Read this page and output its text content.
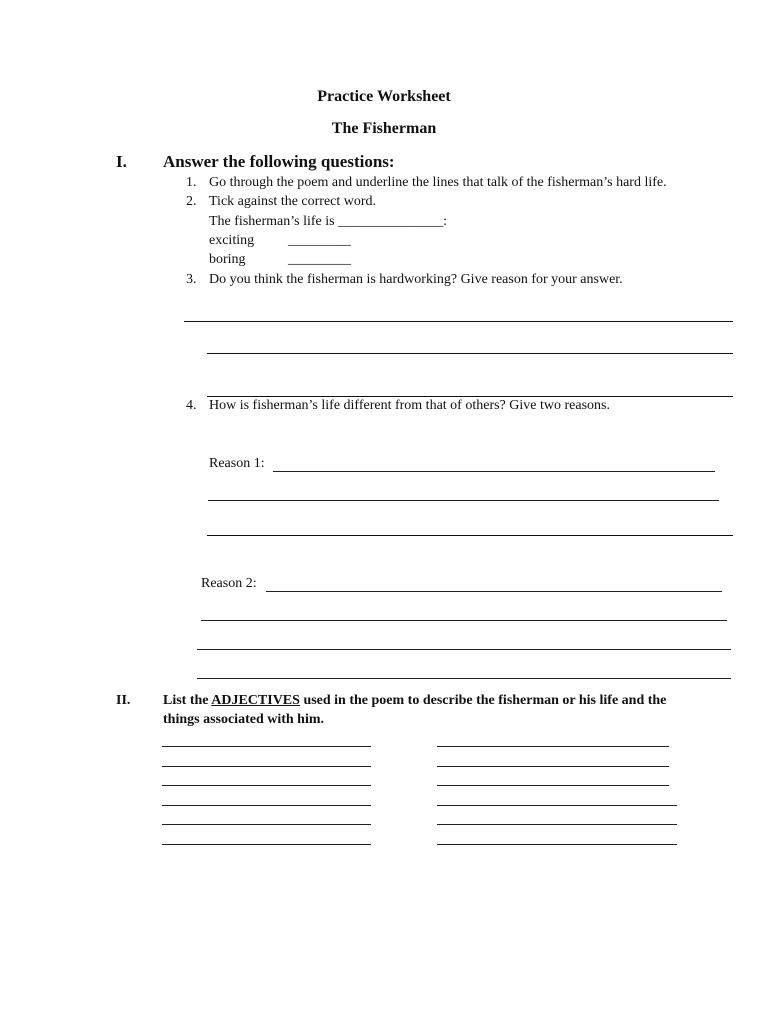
Practice Worksheet
The Fisherman
I. Answer the following questions:
1. Go through the poem and underline the lines that talk of the fisherman’s hard life.
2. Tick against the correct word.
The fisherman’s life is _______________:
exciting _________
boring	_________
3. Do you think the fisherman is hardworking? Give reason for your answer.
4. How is fisherman’s life different from that of others? Give two reasons.
Reason 1:
Reason 2:
II. List the ADJECTIVES used in the poem to describe the fisherman or his life and the
things associated with him.
